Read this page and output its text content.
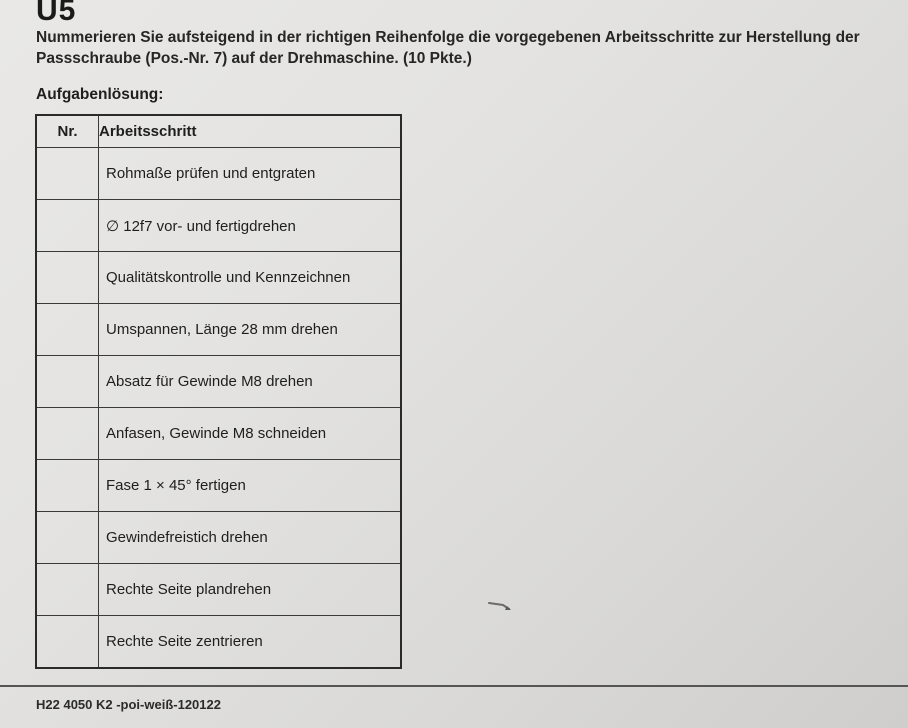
U5
Nummerieren Sie aufsteigend in der richtigen Reihenfolge die vorgegebenen Arbeitsschritte zur Herstellung der
Passschraube (Pos.-Nr. 7) auf der Drehmaschine. (10 Pkte.)
Aufgabenlösung:
Nr.	Arbeitsschritt

	Rohmaße prüfen und entgraten

	∅ 12f7 vor- und fertigdrehen

	Qualitätskontrolle und Kennzeichnen

	Umspannen, Länge 28 mm drehen

	Absatz für Gewinde M8 drehen

	Anfasen, Gewinde M8 schneiden

	Fase 1 × 45° fertigen

	Gewindefreistich drehen

	Rechte Seite plandrehen

	Rechte Seite zentrieren
H22 4050 K2 -poi-weiß-120122
